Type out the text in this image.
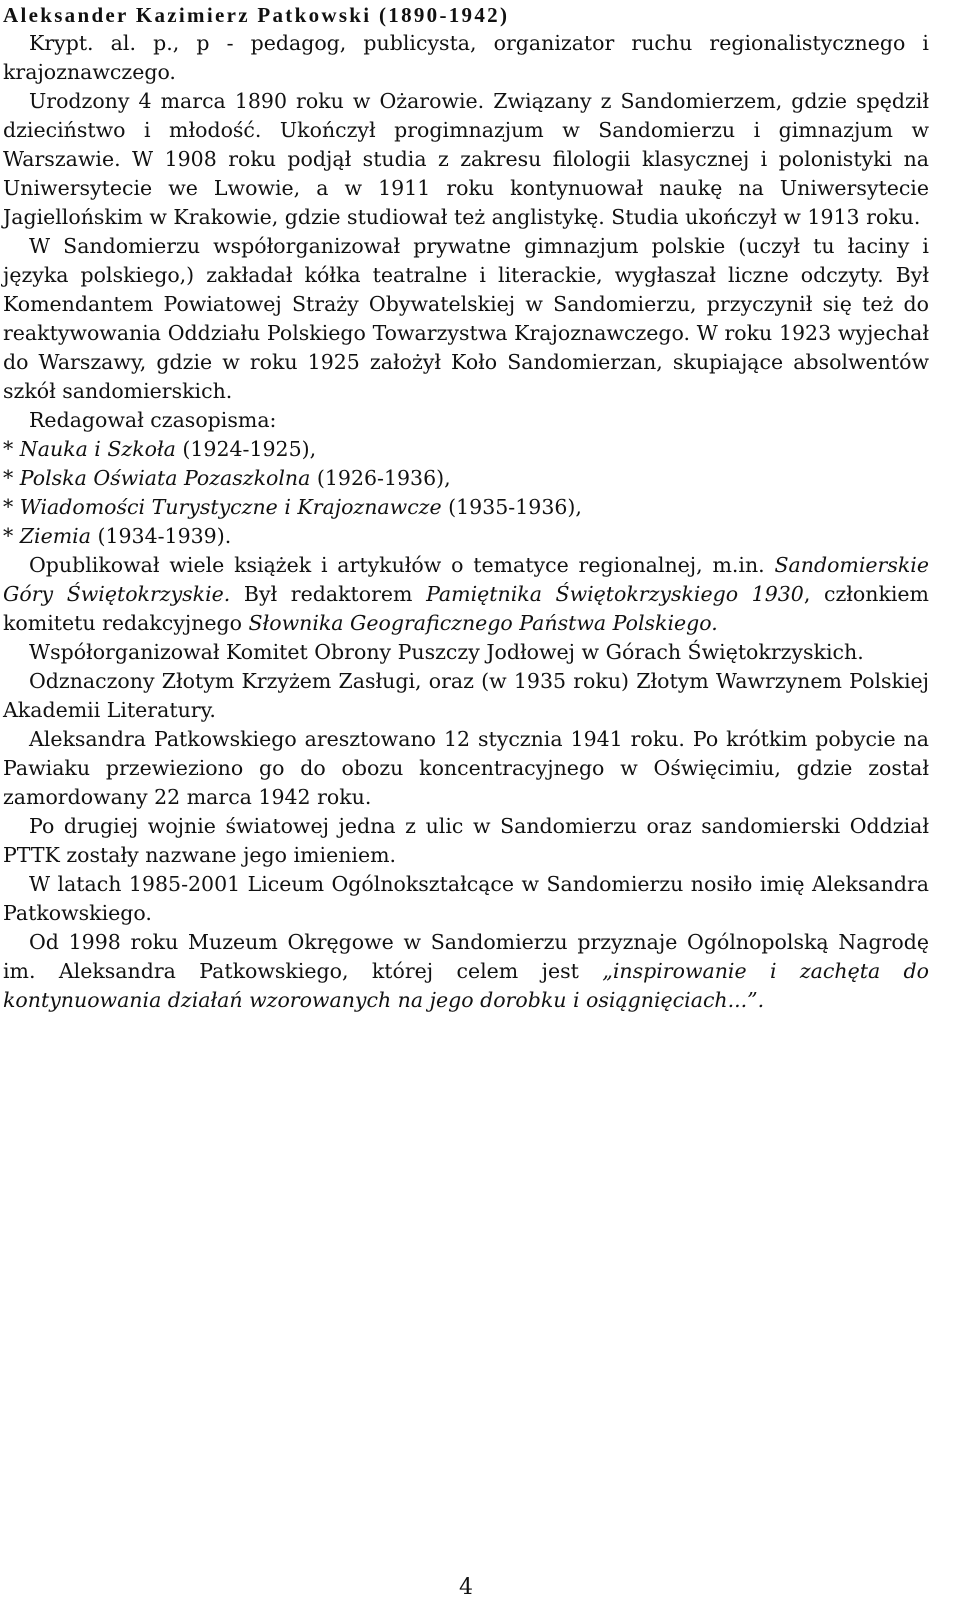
Aleksander Kazimierz Patkowski (1890-1942)

Krypt. al. p., p - pedagog, publicysta, organizator ruchu regionalistycznego i krajoznawczego.

Urodzony 4 marca 1890 roku w Ożarowie. Związany z Sandomierzem, gdzie spędził dzieciństwo i młodość. Ukończył progimnazjum w Sandomierzu i gimnazjum w Warszawie. W 1908 roku podjął studia z zakresu filologii klasycznej i polonistyki na Uniwersytecie we Lwowie, a w 1911 roku kontynuował naukę na Uniwersytecie Jagiellońskim w Krakowie, gdzie studiował też anglistykę. Studia ukończył w 1913 roku.

W Sandomierzu współorganizował prywatne gimnazjum polskie (uczył tu łaciny i języka polskiego,) zakładał kółka teatralne i literackie, wygłaszał liczne odczyty. Był Komendantem Powiatowej Straży Obywatelskiej w Sandomierzu, przyczynił się też do reaktywowania Oddziału Polskiego Towarzystwa Krajoznawczego. W roku 1923 wyjechał do Warszawy, gdzie w roku 1925 założył Koło Sandomierzan, skupiające absolwentów szkół sandomierskich.

Redagował czasopisma:

* Nauka i Szkoła (1924-1925),

* Polska Oświata Pozaszkolna (1926-1936),

* Wiadomości Turystyczne i Krajoznawcze (1935-1936),

* Ziemia (1934-1939).

Opublikował wiele książek i artykułów o tematyce regionalnej, m.in. Sandomierskie Góry Świętokrzyskie. Był redaktorem Pamiętnika Świętokrzyskiego 1930, członkiem komitetu redakcyjnego Słownika Geograficznego Państwa Polskiego.

Współorganizował Komitet Obrony Puszczy Jodłowej w Górach Świętokrzyskich.

Odznaczony Złotym Krzyżem Zasługi, oraz (w 1935 roku) Złotym Wawrzynem Polskiej Akademii Literatury.

Aleksandra Patkowskiego aresztowano 12 stycznia 1941 roku. Po krótkim pobycie na Pawiaku przewieziono go do obozu koncentracyjnego w Oświęcimiu, gdzie został zamordowany 22 marca 1942 roku.

Po drugiej wojnie światowej jedna z ulic w Sandomierzu oraz sandomierski Oddział PTTK zostały nazwane jego imieniem.

W latach 1985-2001 Liceum Ogólnokształcące w Sandomierzu nosiło imię Aleksandra Patkowskiego.

Od 1998 roku Muzeum Okręgowe w Sandomierzu przyznaje Ogólnopolską Nagrodę im. Aleksandra Patkowskiego, której celem jest „inspirowanie i zachęta do kontynuowania działań wzorowanych na jego dorobku i osiągnięciach...”.

4
